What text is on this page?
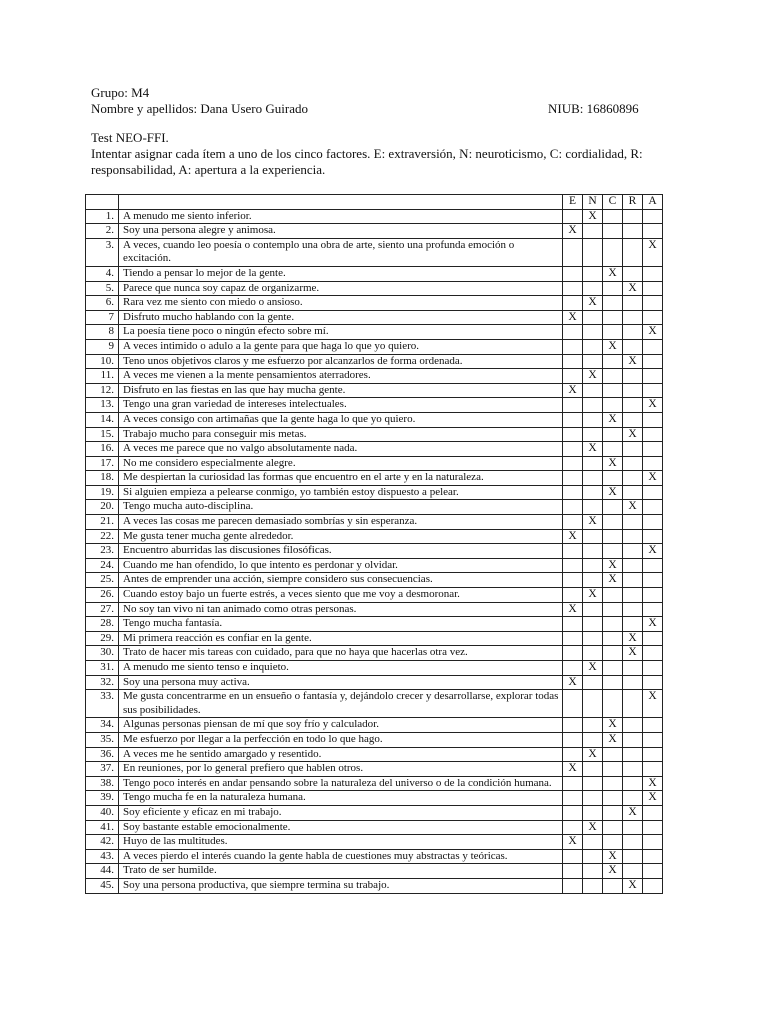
Grupo: M4
Nombre y apellidos: Dana Usero Guirado	NIUB: 16860896
Test NEO-FFI.
Intentar asignar cada ítem a uno de los cinco factores. E: extraversión, N: neuroticismo, C: cordialidad, R: responsabilidad, A: apertura a la experiencia.
		E	N	C	R	A
1.	A menudo me siento inferior.		X			
2.	Soy una persona alegre y animosa.	X				
3.	A veces, cuando leo poesía o contemplo una obra de arte, siento una profunda emoción o excitación.					X
4.	Tiendo a pensar lo mejor de la gente.			X		
5.	Parece que nunca soy capaz de organizarme.				X	
6.	Rara vez me siento con miedo o ansioso.		X			
7	Disfruto mucho hablando con la gente.	X				
8	La poesía tiene poco o ningún efecto sobre mí.					X
9	A veces intimido o adulo a la gente para que haga lo que yo quiero.			X		
10.	Teno unos objetivos claros y me esfuerzo por alcanzarlos de forma ordenada.				X	
11.	A veces me vienen a la mente pensamientos aterradores.		X			
12.	Disfruto en las fiestas en las que hay mucha gente.	X				
13.	Tengo una gran variedad de intereses intelectuales.					X
14.	A veces consigo con artimañas que la gente haga lo que yo quiero.			X		
15.	Trabajo mucho para conseguir mis metas.				X	
16.	A veces me parece que no valgo absolutamente nada.		X			
17.	No me considero especialmente alegre.			X		
18.	Me despiertan la curiosidad las formas que encuentro en el arte y en la naturaleza.					X
19.	Si alguien empieza a pelearse conmigo, yo también estoy dispuesto a pelear.			X		
20.	Tengo mucha auto-disciplina.				X	
21.	A veces las cosas me parecen demasiado sombrías y sin esperanza.		X			
22.	Me gusta tener mucha gente alrededor.	X				
23.	Encuentro aburridas las discusiones filosóficas.					X
24.	Cuando me han ofendido, lo que intento es perdonar y olvidar.			X		
25.	Antes de emprender una acción, siempre considero sus consecuencias.			X		
26.	Cuando estoy bajo un fuerte estrés, a veces siento que me voy a desmoronar.		X			
27.	No soy tan vivo ni tan animado como otras personas.	X				
28.	Tengo mucha fantasía.					X
29.	Mi primera reacción es confiar en la gente.				X	
30.	Trato de hacer mis tareas con cuidado, para que no haya que hacerlas otra vez.				X	
31.	A menudo me siento tenso e inquieto.		X			
32.	Soy una persona muy activa.	X				
33.	Me gusta concentrarme en un ensueño o fantasía y, dejándolo crecer y desarrollarse, explorar todas sus posibilidades.					X
34.	Algunas personas piensan de mí que soy frío y calculador.			X		
35.	Me esfuerzo por llegar a la perfección en todo lo que hago.			X		
36.	A veces me he sentido amargado y resentido.		X			
37.	En reuniones, por lo general prefiero que hablen otros.	X				
38.	Tengo poco interés en andar pensando sobre la naturaleza del universo o de la condición humana.					X
39.	Tengo mucha fe en la naturaleza humana.					X
40.	Soy eficiente y eficaz en mi trabajo.				X	
41.	Soy bastante estable emocionalmente.		X			
42.	Huyo de las multitudes.	X				
43.	A veces pierdo el interés cuando la gente habla de cuestiones muy abstractas y teóricas.			X		
44.	Trato de ser humilde.			X		
45.	Soy una persona productiva, que siempre termina su trabajo.				X	
